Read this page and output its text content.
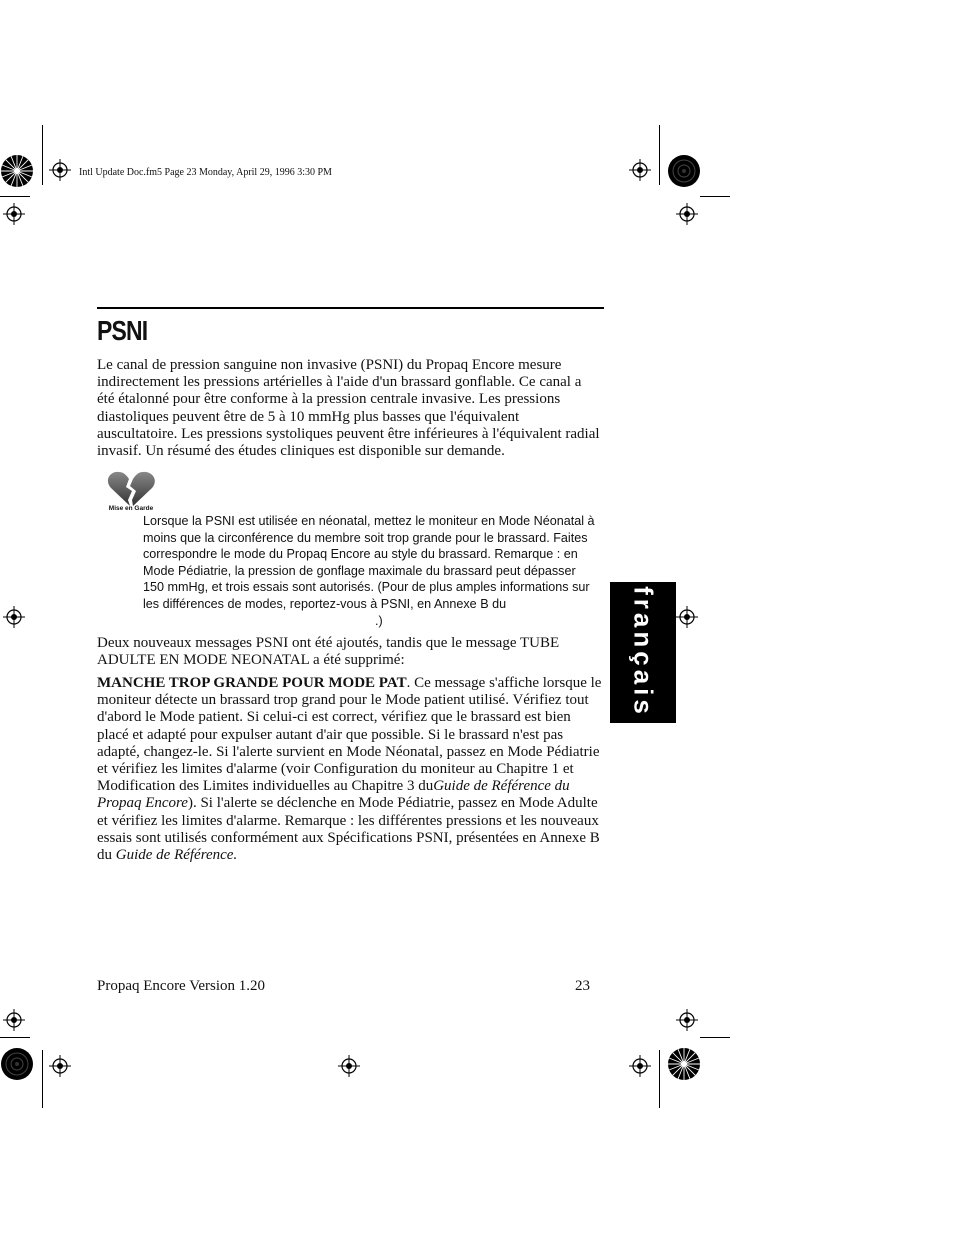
Intl Update Doc.fm5 Page 23 Monday, April 29, 1996 3:30 PM
PSNI
Le canal de pression sanguine non invasive (PSNI) du Propaq Encore mesure indirectement les pressions artérielles à l'aide d'un brassard gonflable. Ce canal a été étalonné pour être conforme à la pression centrale invasive. Les pressions diastoliques peuvent être de 5 à 10 mmHg plus basses que l'équivalent auscultatoire. Les pressions systoliques peuvent être inférieures à l'équivalent radial invasif. Un résumé des études cliniques est disponible sur demande.
Mise en Garde
Lorsque la PSNI est utilisée en néonatal, mettez le moniteur en Mode Néonatal à moins que la circonférence du membre soit trop grande pour le brassard. Faites correspondre le mode du Propaq Encore au style du brassard. Remarque : en Mode Pédiatrie, la pression de gonflage maximale du brassard peut dépasser 150 mmHg, et trois essais sont autorisés. (Pour de plus amples informations sur les différences de modes, reportez-vous à PSNI, en Annexe B du.)
Deux nouveaux messages PSNI ont été ajoutés, tandis que le message TUBE ADULTE EN MODE NEONATAL a été supprimé:
MANCHE TROP GRANDE POUR MODE PAT. Ce message s'affiche lorsque le moniteur détecte un brassard trop grand pour le Mode patient utilisé. Vérifiez tout d'abord le Mode patient. Si celui-ci est correct, vérifiez que le brassard est bien placé et adapté pour expulser autant d'air que possible. Si le brassard n'est pas adapté, changez-le. Si l'alerte survient en Mode Néonatal, passez en Mode Pédiatrie et vérifiez les limites d'alarme (voir Configuration du moniteur au Chapitre 1 et Modification des Limites individuelles au Chapitre 3 duGuide de Référence du Propaq Encore). Si l'alerte se déclenche en Mode Pédiatrie, passez en Mode Adulte et vérifiez les limites d'alarme. Remarque : les différentes pressions et les nouveaux essais sont utilisés conformément aux Spécifications PSNI, présentées en Annexe B du Guide de Référence.
français
Propaq Encore Version 1.20	23
